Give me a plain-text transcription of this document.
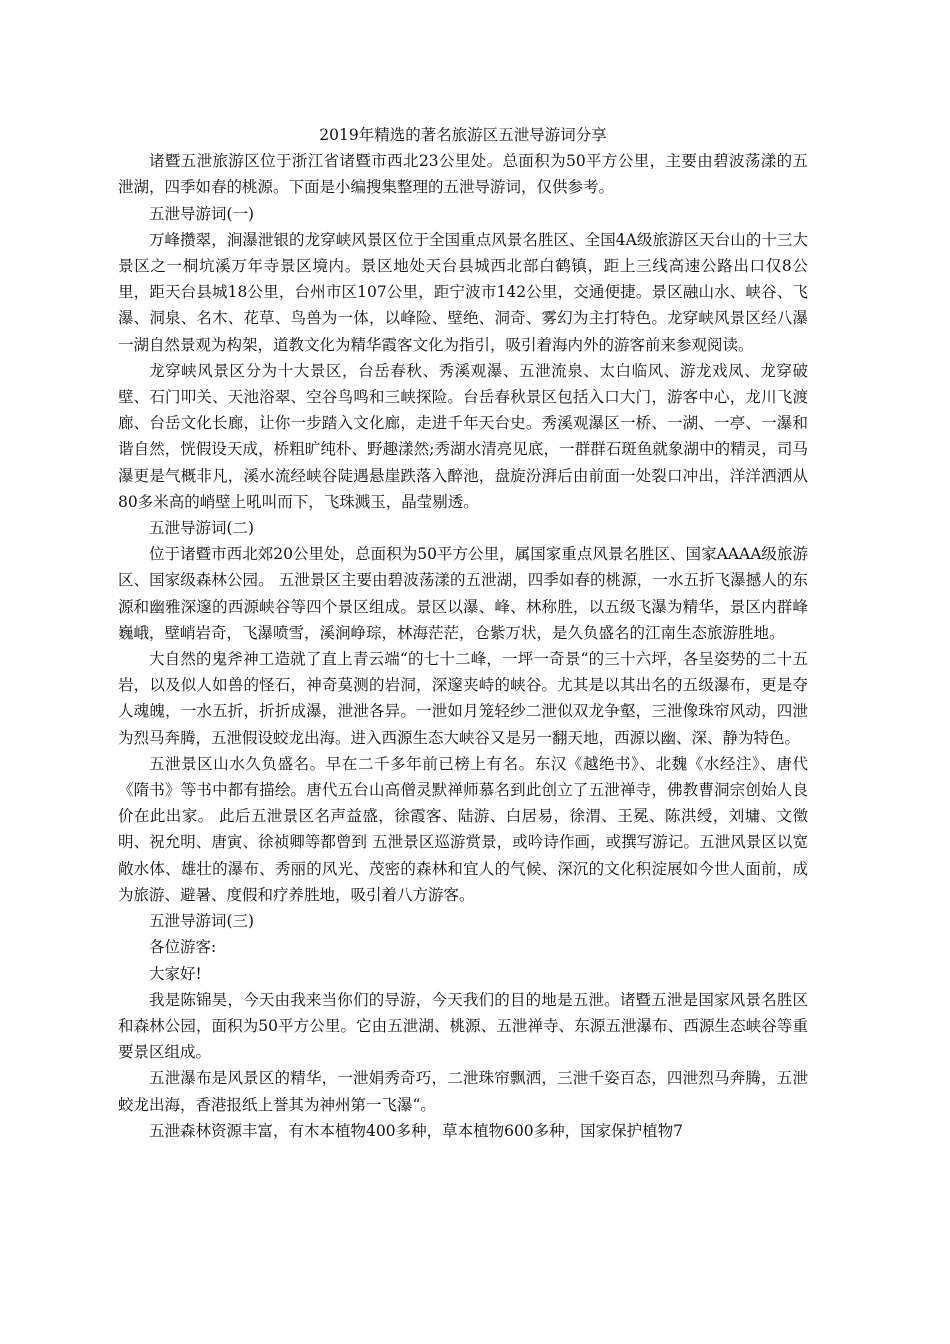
2019年精选的著名旅游区五泄导游词分享

诸暨五泄旅游区位于浙江省诸暨市西北23公里处。总面积为50平方公里，主要由碧波荡漾的五泄湖，四季如春的桃源。下面是小编搜集整理的五泄导游词，仅供参考。

五泄导游词(一)

万峰攒翠，涧瀑泄银的龙穿峡风景区位于全国重点风景名胜区、全国4A级旅游区天台山的十三大景区之一桐坑溪万年寺景区境内。景区地处天台县城西北部白鹤镇，距上三线高速公路出口仅8公里，距天台县城18公里，台州市区107公里，距宁波市142公里，交通便捷。景区融山水、峡谷、飞瀑、洞泉、名木、花草、鸟兽为一体，以峰险、壁绝、洞奇、雾幻为主打特色。龙穿峡风景区经八瀑一湖自然景观为构架，道教文化为精华霞客文化为指引，吸引着海内外的游客前来参观阅读。

龙穿峡风景区分为十大景区，台岳春秋、秀溪观瀑、五泄流泉、太白临风、游龙戏凤、龙穿破壁、石门叩关、天池浴翠、空谷鸟鸣和三峡探险。台岳春秋景区包括入口大门，游客中心，龙川飞渡廊、台岳文化长廊，让你一步踏入文化廊，走进千年天台史。秀溪观瀑区一桥、一湖、一亭、一瀑和谐自然，恍假设天成，桥粗旷纯朴、野趣漾然;秀湖水清亮见底，一群群石斑鱼就象湖中的精灵，司马瀑更是气概非凡，溪水流经峡谷陡遇悬崖跌落入醉池，盘旋汾湃后由前面一处裂口冲出，洋洋洒洒从80多米高的峭壁上吼叫而下，飞珠溅玉，晶莹剔透。

五泄导游词(二)

位于诸暨市西北郊20公里处，总面积为50平方公里，属国家重点风景名胜区、国家AAAA级旅游区、国家级森林公园。 五泄景区主要由碧波荡漾的五泄湖，四季如春的桃源，一水五折飞瀑撼人的东源和幽雅深邃的西源峡谷等四个景区组成。景区以瀑、峰、林称胜，以五级飞瀑为精华，景区内群峰巍峨，壁峭岩奇，飞瀑喷雪，溪涧峥琮，林海茫茫，仓紫万状，是久负盛名的江南生态旅游胜地。

大自然的鬼斧神工造就了直上青云端“的七十二峰，一坪一奇景“的三十六坪，各呈姿势的二十五岩，以及似人如兽的怪石，神奇莫测的岩洞，深邃夹峙的峡谷。尤其是以其出名的五级瀑布，更是夺人魂魄，一水五折，折折成瀑，泄泄各异。一泄如月笼轻纱二泄似双龙争壑，三泄像珠帘风动，四泄为烈马奔腾，五泄假设蛟龙出海。进入西源生态大峡谷又是另一翻天地，西源以幽、深、静为特色。

五泄景区山水久负盛名。早在二千多年前已榜上有名。东汉《越绝书》、北魏《水经注》、唐代《隋书》等书中都有描绘。唐代五台山高僧灵默禅师慕名到此创立了五泄禅寺，佛教曹洞宗创始人良价在此出家。 此后五泄景区名声益盛，徐霞客、陆游、白居易，徐渭、王冕、陈洪绶，刘墉、文徵明、祝允明、唐寅、徐祯卿等都曾到 五泄景区巡游赏景，或吟诗作画，或撰写游记。五泄风景区以宽敞水体、雄壮的瀑布、秀丽的风光、茂密的森林和宜人的气候、深沉的文化积淀展如今世人面前，成为旅游、避暑、度假和疗养胜地，吸引着八方游客。

五泄导游词(三)

各位游客:

大家好!

我是陈锦昊，今天由我来当你们的导游，今天我们的目的地是五泄。诸暨五泄是国家风景名胜区和森林公园，面积为50平方公里。它由五泄湖、桃源、五泄禅寺、东源五泄瀑布、西源生态峡谷等重要景区组成。

五泄瀑布是风景区的精华，一泄娟秀奇巧，二泄珠帘飘洒，三泄千姿百态，四泄烈马奔腾，五泄蛟龙出海，香港报纸上誉其为神州第一飞瀑“。

五泄森林资源丰富，有木本植物400多种，草本植物600多种，国家保护植物7
